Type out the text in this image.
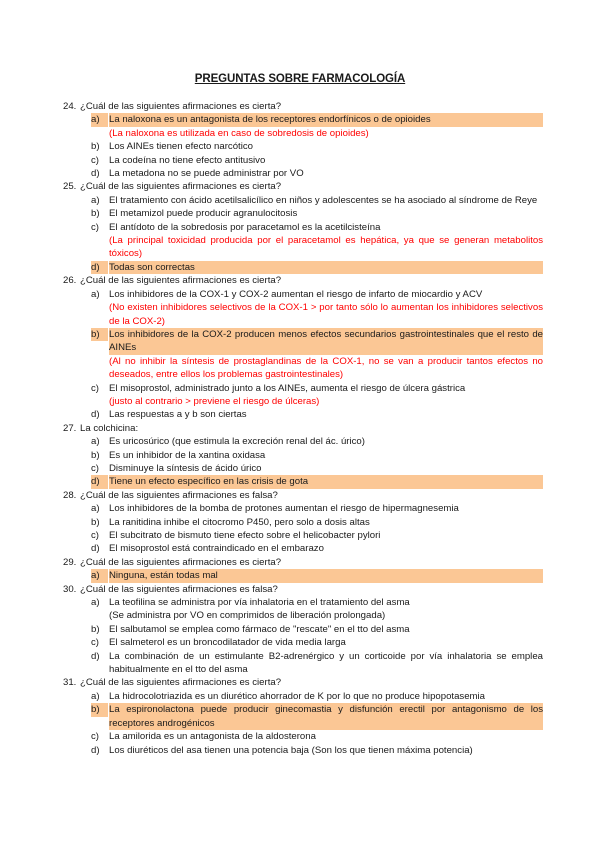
PREGUNTAS SOBRE FARMACOLOGÍA
24. ¿Cuál de las siguientes afirmaciones es cierta?
a) La naloxona es un antagonista de los receptores endorfínicos o de opioides
(La naloxona es utilizada en caso de sobredosis de opioides)
b) Los AINEs tienen efecto narcótico
c) La codeína no tiene efecto antitusivo
d) La metadona no se puede administrar por VO
25. ¿Cuál de las siguientes afirmaciones es cierta?
a) El tratamiento con ácido acetilsalicílico en niños y adolescentes se ha asociado al síndrome de Reye
b) El metamizol puede producir agranulocitosis
c) El antídoto de la sobredosis por paracetamol es la acetilcisteína
(La principal toxicidad producida por el paracetamol es hepática, ya que se generan metabolitos tóxicos)
d) Todas son correctas
26. ¿Cuál de las siguientes afirmaciones es cierta?
a) Los inhibidores de la COX-1 y COX-2 aumentan el riesgo de infarto de miocardio y ACV
(No existen inhibidores selectivos de la COX-1 > por tanto sólo lo aumentan los inhibidores selectivos de la COX-2)
b) Los inhibidores de la COX-2 producen menos efectos secundarios gastrointestinales que el resto de AINEs
(Al no inhibir la síntesis de prostaglandinas de la COX-1, no se van a producir tantos efectos no deseados, entre ellos los problemas gastrointestinales)
c) El misoprostol, administrado junto a los AINEs, aumenta el riesgo de úlcera gástrica
(justo al contrario > previene el riesgo de úlceras)
d) Las respuestas a y b son ciertas
27. La colchicina:
a) Es uricosúrico (que estimula la excreción renal del ác. úrico)
b) Es un inhibidor de la xantina oxidasa
c) Disminuye la síntesis de ácido úrico
d) Tiene un efecto específico en las crisis de gota
28. ¿Cuál de las siguientes afirmaciones es falsa?
a) Los inhibidores de la bomba de protones aumentan el riesgo de hipermagnesemia
b) La ranitidina inhibe el citocromo P450, pero solo a dosis altas
c) El subcitrato de bismuto tiene efecto sobre el helicobacter pylori
d) El misoprostol está contraindicado en el embarazo
29. ¿Cuál de las siguientes afirmaciones es cierta?
a) Ninguna, están todas mal
30. ¿Cuál de las siguientes afirmaciones es falsa?
a) La teofilina se administra por vía inhalatoria en el tratamiento del asma
(Se administra por VO en comprimidos de liberación prolongada)
b) El salbutamol se emplea como fármaco de "rescate" en el tto del asma
c) El salmeterol es un broncodilatador de vida media larga
d) La combinación de un estimulante B2-adrenérgico y un corticoide por vía inhalatoria se emplea habitualmente en el tto del asma
31. ¿Cuál de las siguientes afirmaciones es cierta?
a) La hidrocolotriazida es un diurético ahorrador de K por lo que no produce hipopotasemia
b) La espironolactona puede producir ginecomastia y disfunción erectil por antagonismo de los receptores androgénicos
c) La amilorida es un antagonista de la aldosterona
d) Los diuréticos del asa tienen una potencia baja (Son los que tienen máxima potencia)
